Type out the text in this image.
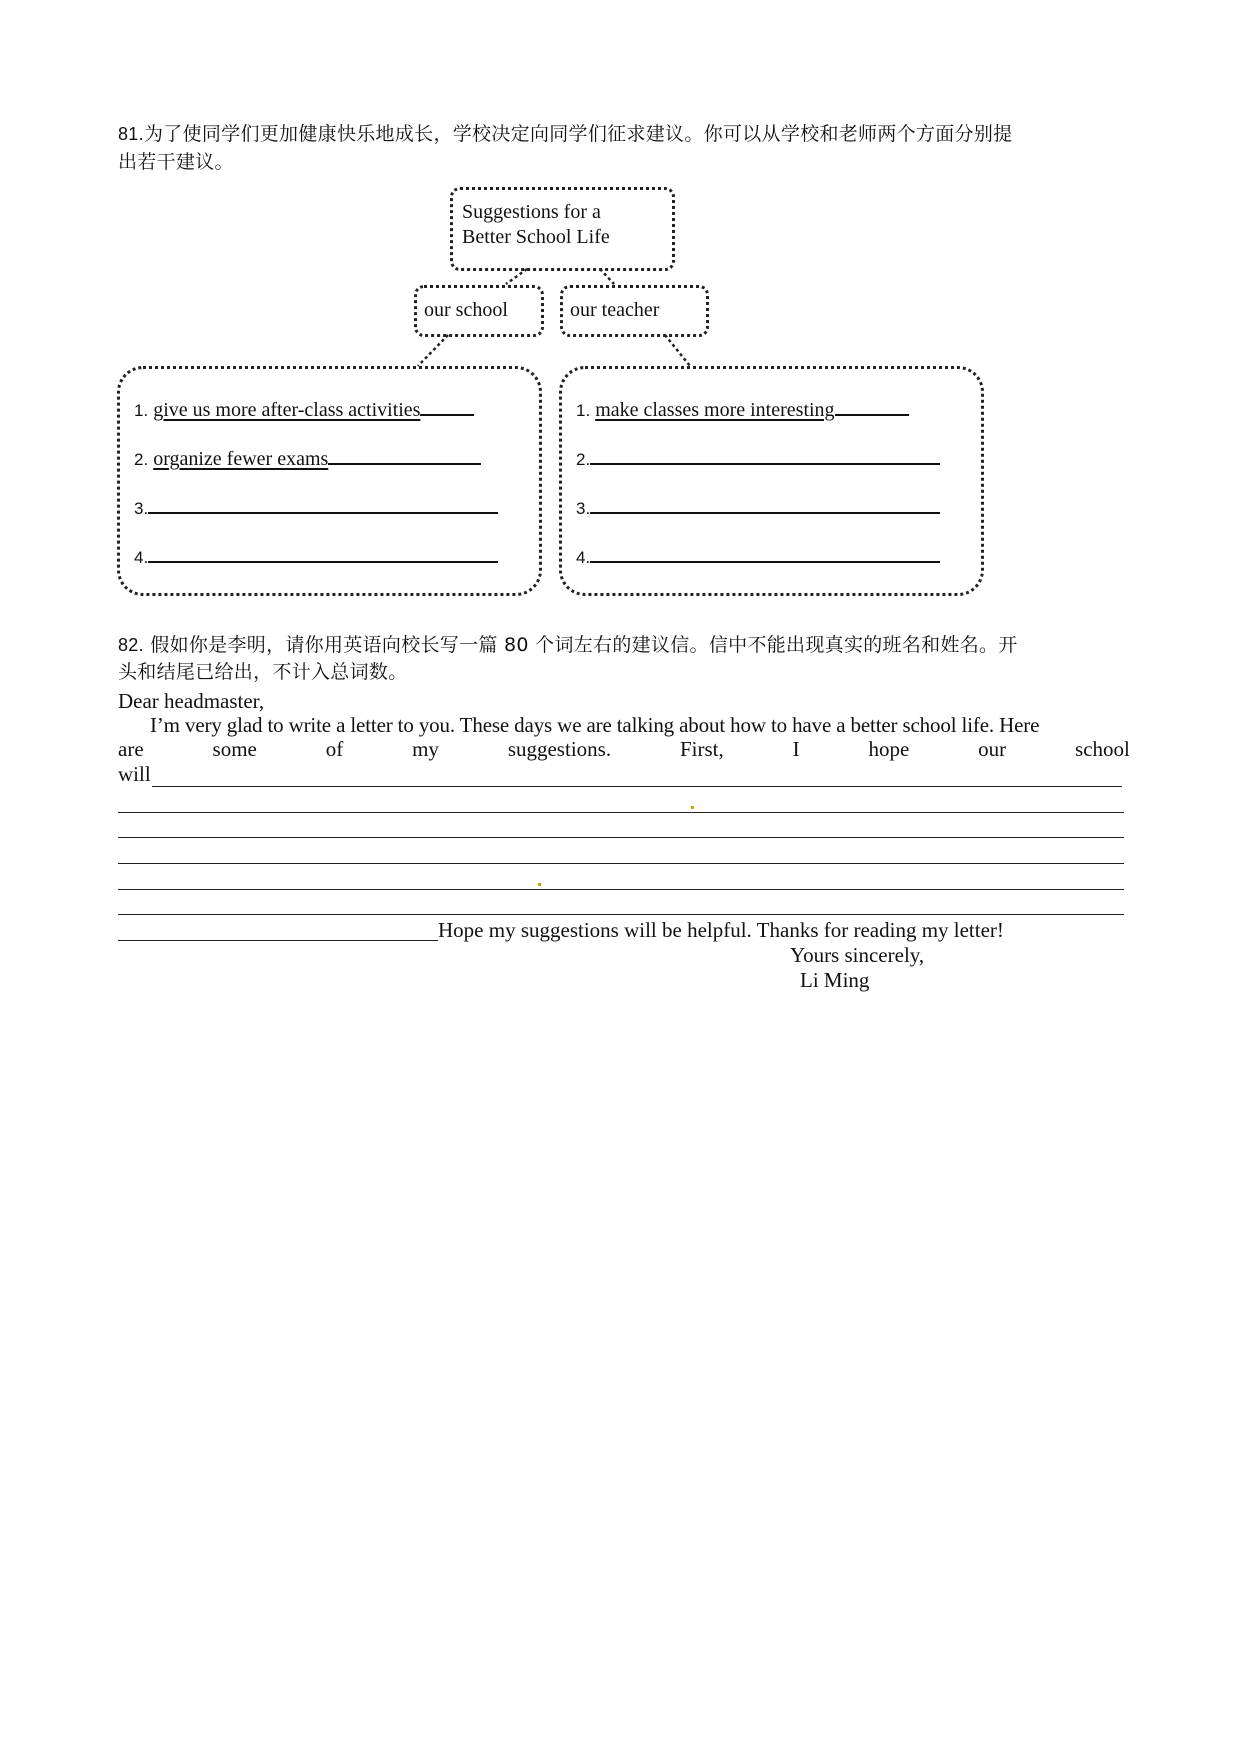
81.为了使同学们更加健康快乐地成长，学校决定向同学们征求建议。你可以从学校和老师两个方面分别提
出若干建议。
Suggestions for a
Better School Life
our school	our teacher
1. give us more after-class activities
2. organize fewer exams
3.
4.
1. make classes more interesting
2.
3.
4.
82. 假如你是李明，请你用英语向校长写一篇 80 个词左右的建议信。信中不能出现真实的班名和姓名。开
头和结尾已给出，不计入总词数。
Dear headmaster,
I’m very glad to write a letter to you. These days we are talking about how to have a better school life. Here
are	some	of	my	suggestions.	First,	I	hope	our	school
will
Hope my suggestions will be helpful. Thanks for reading my letter!
Yours sincerely,
Li Ming
